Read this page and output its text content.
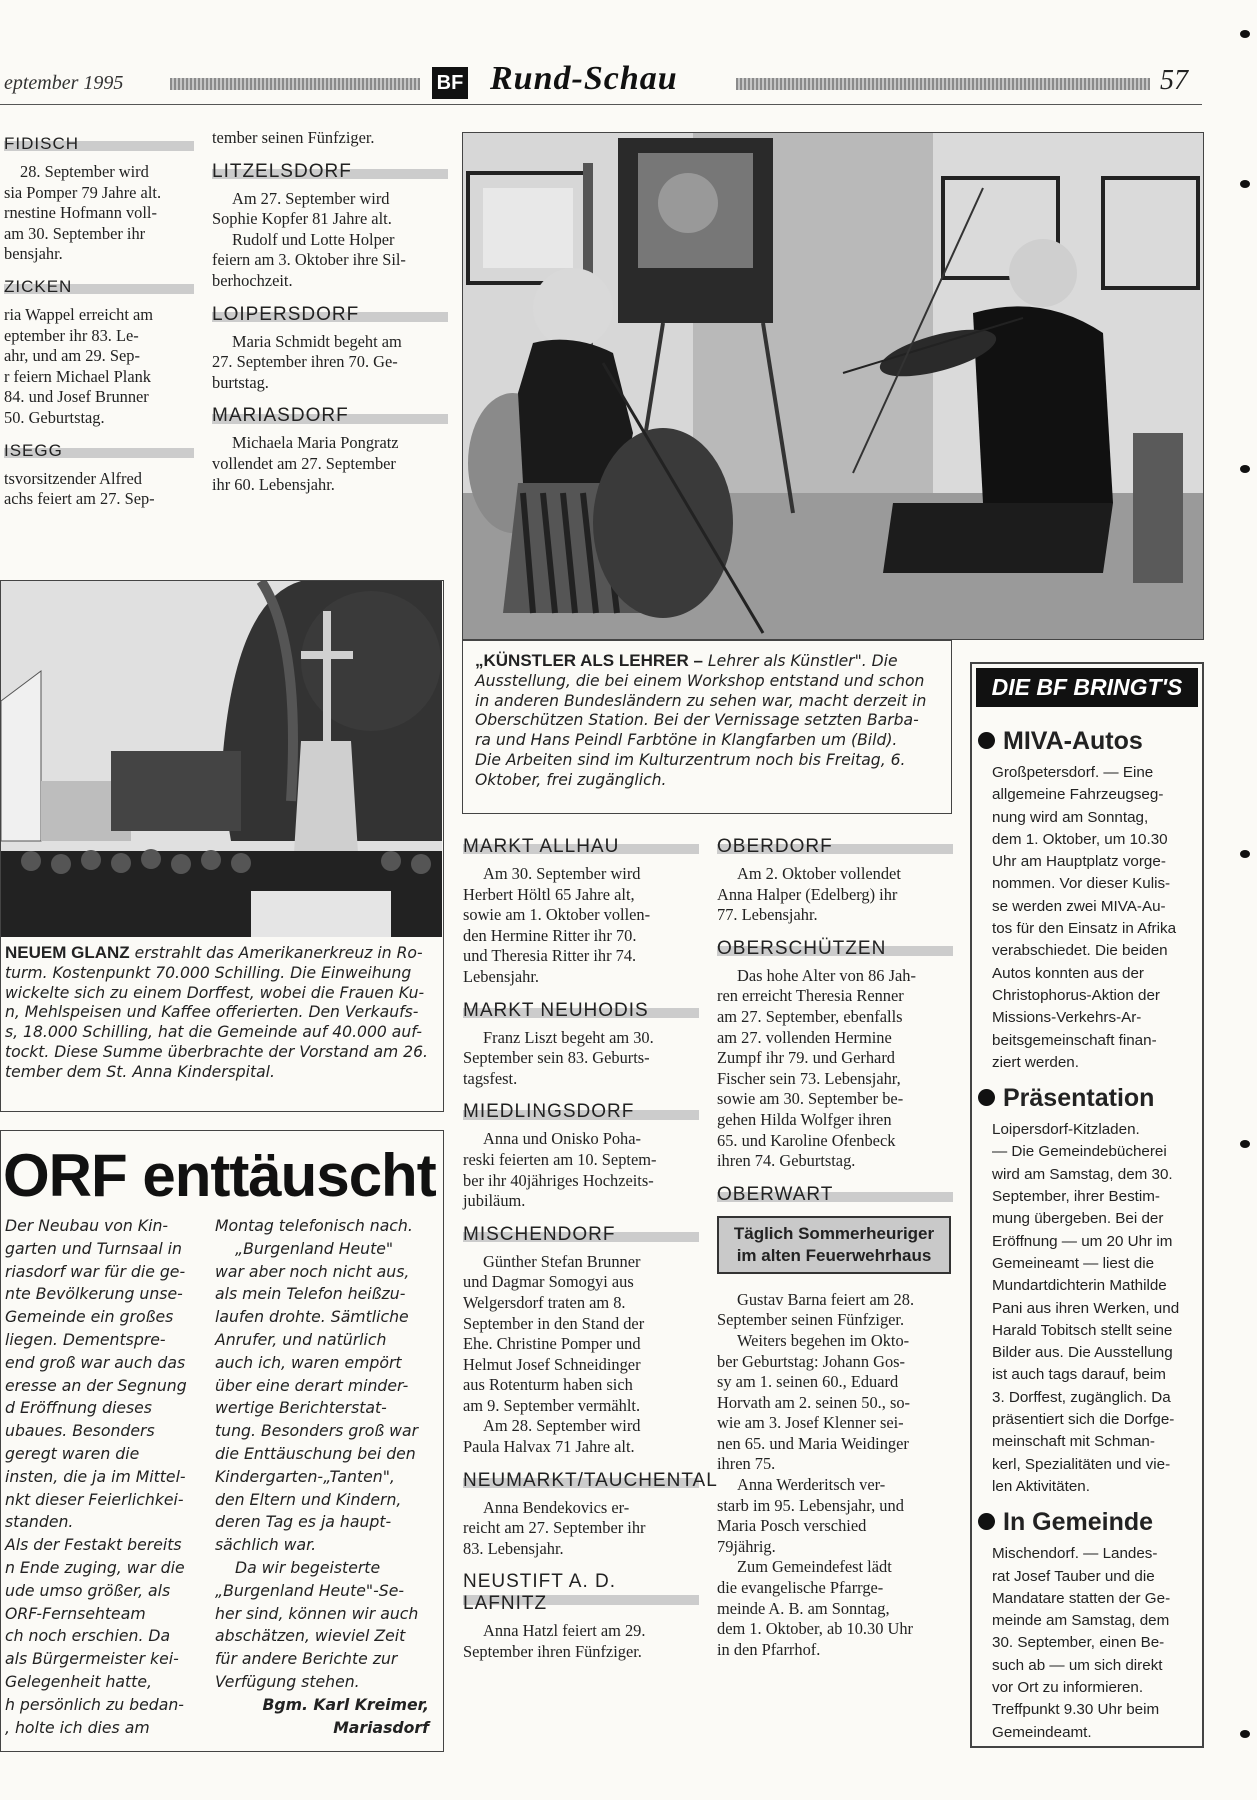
eptember 1995	BF Rund-Schau	57
FIDISCH
28. September wird
sia Pomper 79 Jahre alt.
rnestine Hofmann voll-
am 30. September ihr
bensjahr.
ZICKEN
ria Wappel erreicht am
eptember ihr 83. Le-
ahr, und am 29. Sep-
r feiern Michael Plank
84. und Josef Brunner
50. Geburtstag.
ISEGG
tsvorsitzender Alfred
achs feiert am 27. Sep-
tember seinen Fünfziger.
LITZELSDORF
Am 27. September wird
Sophie Kopfer 81 Jahre alt.
Rudolf und Lotte Holper
feiern am 3. Oktober ihre Sil-
berhochzeit.
LOIPERSDORF
Maria Schmidt begeht am
27. September ihren 70. Ge-
burtstag.
MARIASDORF
Michaela Maria Pongratz
vollendet am 27. September
ihr 60. Lebensjahr.
„KÜNSTLER ALS LEHRER – Lehrer als Künstler". Die
Ausstellung, die bei einem Workshop entstand und schon
in anderen Bundesländern zu sehen war, macht derzeit in
Oberschützen Station. Bei der Vernissage setzten Barba-
ra und Hans Peindl Farbtöne in Klangfarben um (Bild).
Die Arbeiten sind im Kulturzentrum noch bis Freitag, 6.
Oktober, frei zugänglich.
NEUEM GLANZ erstrahlt das Amerikanerkreuz in Ro-
turm. Kostenpunkt 70.000 Schilling. Die Einweihung
wickelte sich zu einem Dorffest, wobei die Frauen Ku-
n, Mehlspeisen und Kaffee offerierten. Den Verkaufs-
s, 18.000 Schilling, hat die Gemeinde auf 40.000 auf-
tockt. Diese Summe überbrachte der Vorstand am 26.
tember dem St. Anna Kinderspital.
ORF enttäuscht
Der Neubau von Kin-
garten und Turnsaal in
riasdorf war für die ge-
nte Bevölkerung unse-
Gemeinde ein großes
liegen. Dementspre-
end groß war auch das
eresse an der Segnung
d Eröffnung dieses
ubaues. Besonders
geregt waren die
insten, die ja im Mittel-
nkt dieser Feierlichkei-
standen.
Als der Festakt bereits
n Ende zuging, war die
ude umso größer, als
ORF-Fernsehteam
ch noch erschien. Da
als Bürgermeister kei-
Gelegenheit hatte,
h persönlich zu bedan-
, holte ich dies am
Montag telefonisch nach.
„Burgenland Heute"
war aber noch nicht aus,
als mein Telefon heißzu-
laufen drohte. Sämtliche
Anrufer, und natürlich
auch ich, waren empört
über eine derart minder-
wertige Berichterstat-
tung. Besonders groß war
die Enttäuschung bei den
Kindergarten-„Tanten",
den Eltern und Kindern,
deren Tag es ja haupt-
sächlich war.
Da wir begeisterte
„Burgenland Heute"-Se-
her sind, können wir auch
abschätzen, wieviel Zeit
für andere Berichte zur
Verfügung stehen.
Bgm. Karl Kreimer,
Mariasdorf
MARKT ALLHAU
Am 30. September wird
Herbert Höltl 65 Jahre alt,
sowie am 1. Oktober vollen-
den Hermine Ritter ihr 70.
und Theresia Ritter ihr 74.
Lebensjahr.
MARKT NEUHODIS
Franz Liszt begeht am 30.
September sein 83. Geburts-
tagsfest.
MIEDLINGSDORF
Anna und Onisko Poha-
reski feierten am 10. Septem-
ber ihr 40jähriges Hochzeits-
jubiläum.
MISCHENDORF
Günther Stefan Brunner
und Dagmar Somogyi aus
Welgersdorf traten am 8.
September in den Stand der
Ehe. Christine Pomper und
Helmut Josef Schneidinger
aus Rotenturm haben sich
am 9. September vermählt.
Am 28. September wird
Paula Halvax 71 Jahre alt.
NEUMARKT/TAUCHENTAL
Anna Bendekovics er-
reicht am 27. September ihr
83. Lebensjahr.
NEUSTIFT A. D. LAFNITZ
Anna Hatzl feiert am 29.
September ihren Fünfziger.
OBERDORF
Am 2. Oktober vollendet
Anna Halper (Edelberg) ihr
77. Lebensjahr.
OBERSCHÜTZEN
Das hohe Alter von 86 Jah-
ren erreicht Theresia Renner
am 27. September, ebenfalls
am 27. vollenden Hermine
Zumpf ihr 79. und Gerhard
Fischer sein 73. Lebensjahr,
sowie am 30. September be-
gehen Hilda Wolfger ihren
65. und Karoline Ofenbeck
ihren 74. Geburtstag.
OBERWART
Täglich Sommerheuriger
im alten Feuerwehrhaus
Gustav Barna feiert am 28.
September seinen Fünfziger.
Weiters begehen im Okto-
ber Geburtstag: Johann Gos-
sy am 1. seinen 60., Eduard
Horvath am 2. seinen 50., so-
wie am 3. Josef Klenner sei-
nen 65. und Maria Weidinger
ihren 75.
Anna Werderitsch ver-
starb im 95. Lebensjahr, und
Maria Posch verschied
79jährig.
Zum Gemeindefest lädt
die evangelische Pfarrge-
meinde A. B. am Sonntag,
dem 1. Oktober, ab 10.30 Uhr
in den Pfarrhof.
DIE BF BRINGT'S

MIVA-Autos

Großpetersdorf. — Eine
allgemeine Fahrzeugseg-
nung wird am Sonntag,
dem 1. Oktober, um 10.30
Uhr am Hauptplatz vorge-
nommen. Vor dieser Kulis-
se werden zwei MIVA-Au-
tos für den Einsatz in Afrika
verabschiedet. Die beiden
Autos konnten aus der
Christophorus-Aktion der
Missions-Verkehrs-Ar-
beitsgemeinschaft finan-
ziert werden.

Präsentation

Loipersdorf-Kitzladen.
— Die Gemeindebücherei
wird am Samstag, dem 30.
September, ihrer Bestim-
mung übergeben. Bei der
Eröffnung — um 20 Uhr im
Gemeineamt — liest die
Mundartdichterin Mathilde
Pani aus ihren Werken, und
Harald Tobitsch stellt seine
Bilder aus. Die Ausstellung
ist auch tags darauf, beim
3. Dorffest, zugänglich. Da
präsentiert sich die Dorfge-
meinschaft mit Schman-
kerl, Spezialitäten und vie-
len Aktivitäten.

In Gemeinde

Mischendorf. — Landes-
rat Josef Tauber und die
Mandatare statten der Ge-
meinde am Samstag, dem
30. September, einen Be-
such ab — um sich direkt
vor Ort zu informieren.
Treffpunkt 9.30 Uhr beim
Gemeindeamt.
